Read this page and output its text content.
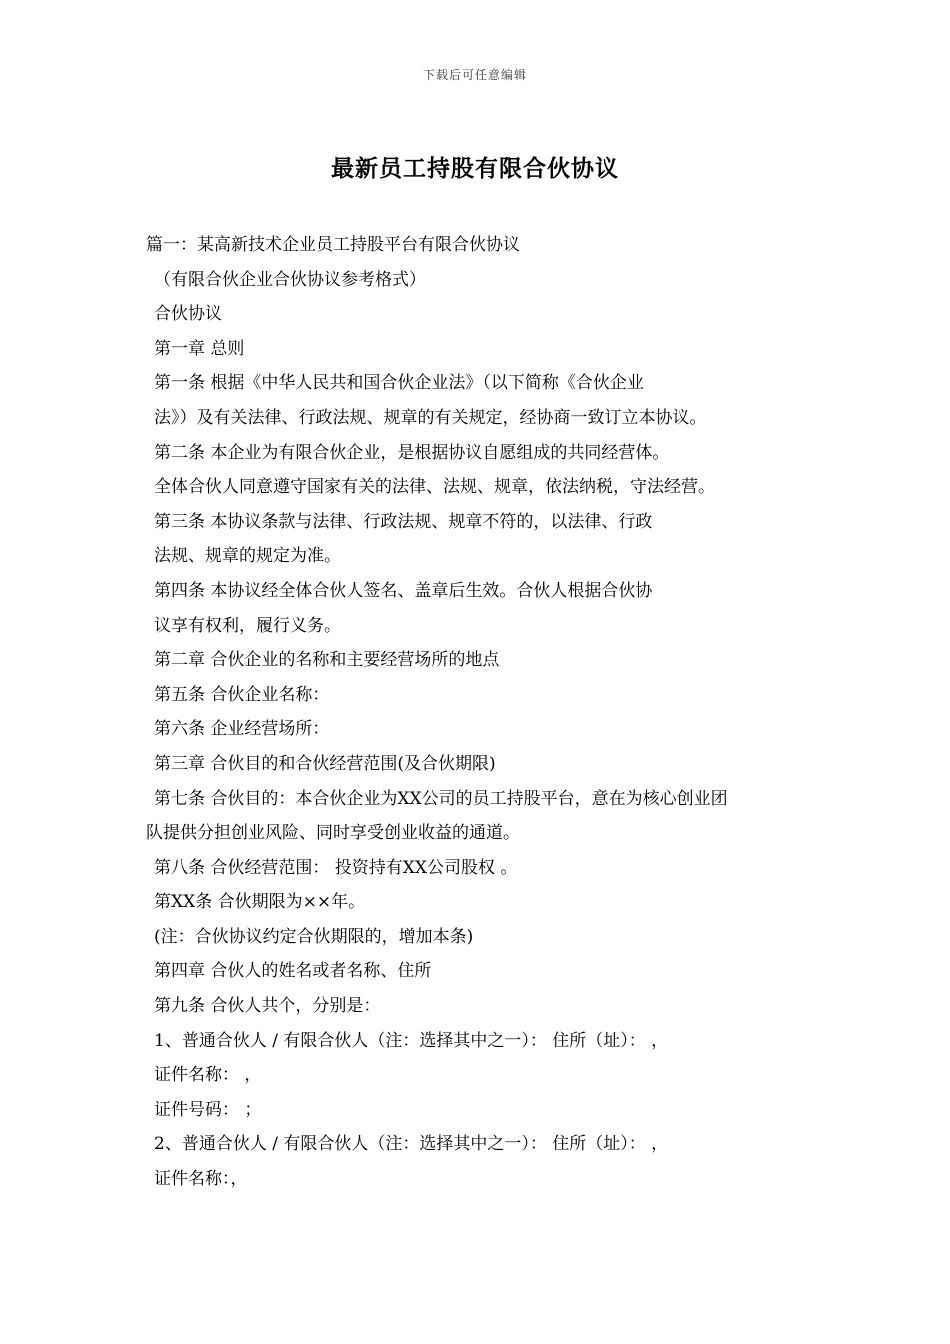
下载后可任意编辑
最新员工持股有限合伙协议
篇一：某高新技术企业员工持股平台有限合伙协议
（有限合伙企业合伙协议参考格式）
合伙协议
第一章 总则
第一条 根据《中华人民共和国合伙企业法》（以下简称《合伙企业
法》）及有关法律、行政法规、规章的有关规定，经协商一致订立本协议。
第二条 本企业为有限合伙企业，是根据协议自愿组成的共同经营体。
全体合伙人同意遵守国家有关的法律、法规、规章，依法纳税，守法经营。
第三条 本协议条款与法律、行政法规、规章不符的，以法律、行政
法规、规章的规定为准。
第四条 本协议经全体合伙人签名、盖章后生效。合伙人根据合伙协
议享有权利，履行义务。
第二章 合伙企业的名称和主要经营场所的地点
第五条 合伙企业名称：
第六条 企业经营场所：
第三章 合伙目的和合伙经营范围(及合伙期限)
第七条 合伙目的：本合伙企业为XX公司的员工持股平台，意在为核心创业团
队提供分担创业风险、同时享受创业收益的通道。
第八条 合伙经营范围： 投资持有XX公司股权 。
第XX条 合伙期限为××年。
(注：合伙协议约定合伙期限的，增加本条)
第四章 合伙人的姓名或者名称、住所
第九条 合伙人共个，分别是：
1、普通合伙人 / 有限合伙人（注：选择其中之一）： 住所（址）： ，
证件名称： ，
证件号码： ；
2、普通合伙人 / 有限合伙人（注：选择其中之一）： 住所（址）： ，
证件名称：，
